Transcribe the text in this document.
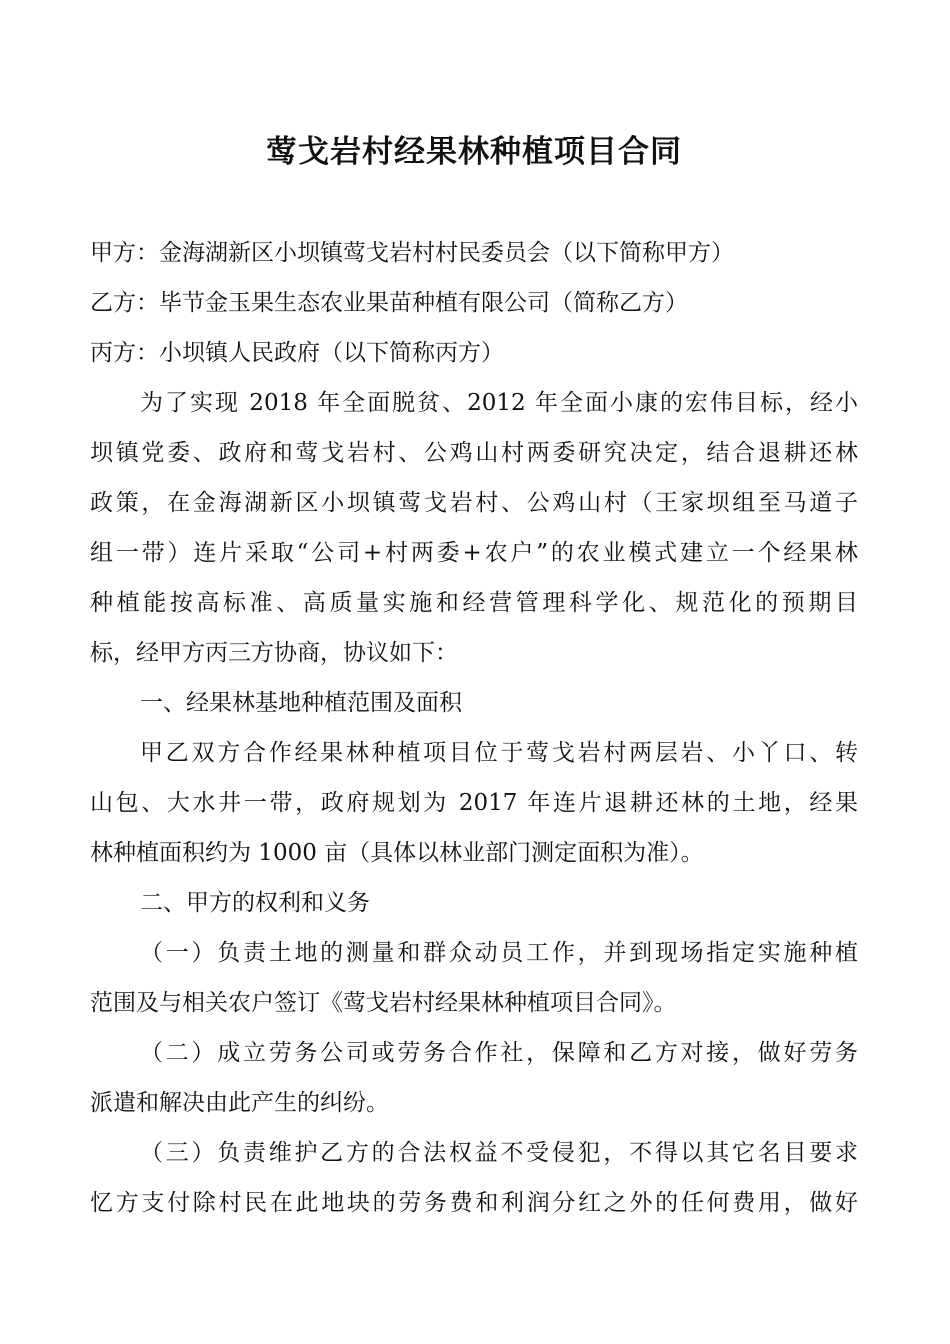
莺戈岩村经果林种植项目合同
甲方：金海湖新区小坝镇莺戈岩村村民委员会（以下简称甲方）
乙方：毕节金玉果生态农业果苗种植有限公司（简称乙方）
丙方：小坝镇人民政府（以下简称丙方）
为了实现 2018 年全面脱贫、2012 年全面小康的宏伟目标，经小
坝镇党委、政府和莺戈岩村、公鸡山村两委研究决定，结合退耕还林
政策，在金海湖新区小坝镇莺戈岩村、公鸡山村（王家坝组至马道子
组一带）连片采取“公司+村两委+农户”的农业模式建立一个经果林
种植能按高标准、高质量实施和经营管理科学化、规范化的预期目
标，经甲方丙三方协商，协议如下：
一、经果林基地种植范围及面积
甲乙双方合作经果林种植项目位于莺戈岩村两层岩、小丫口、转
山包、大水井一带，政府规划为 2017 年连片退耕还林的土地，经果
林种植面积约为 1000 亩（具体以林业部门测定面积为准）。
二、甲方的权利和义务
（一）负责土地的测量和群众动员工作，并到现场指定实施种植
范围及与相关农户签订《莺戈岩村经果林种植项目合同》。
（二）成立劳务公司或劳务合作社，保障和乙方对接，做好劳务
派遣和解决由此产生的纠纷。
（三）负责维护乙方的合法权益不受侵犯，不得以其它名目要求
忆方支付除村民在此地块的劳务费和利润分红之外的任何费用，做好
